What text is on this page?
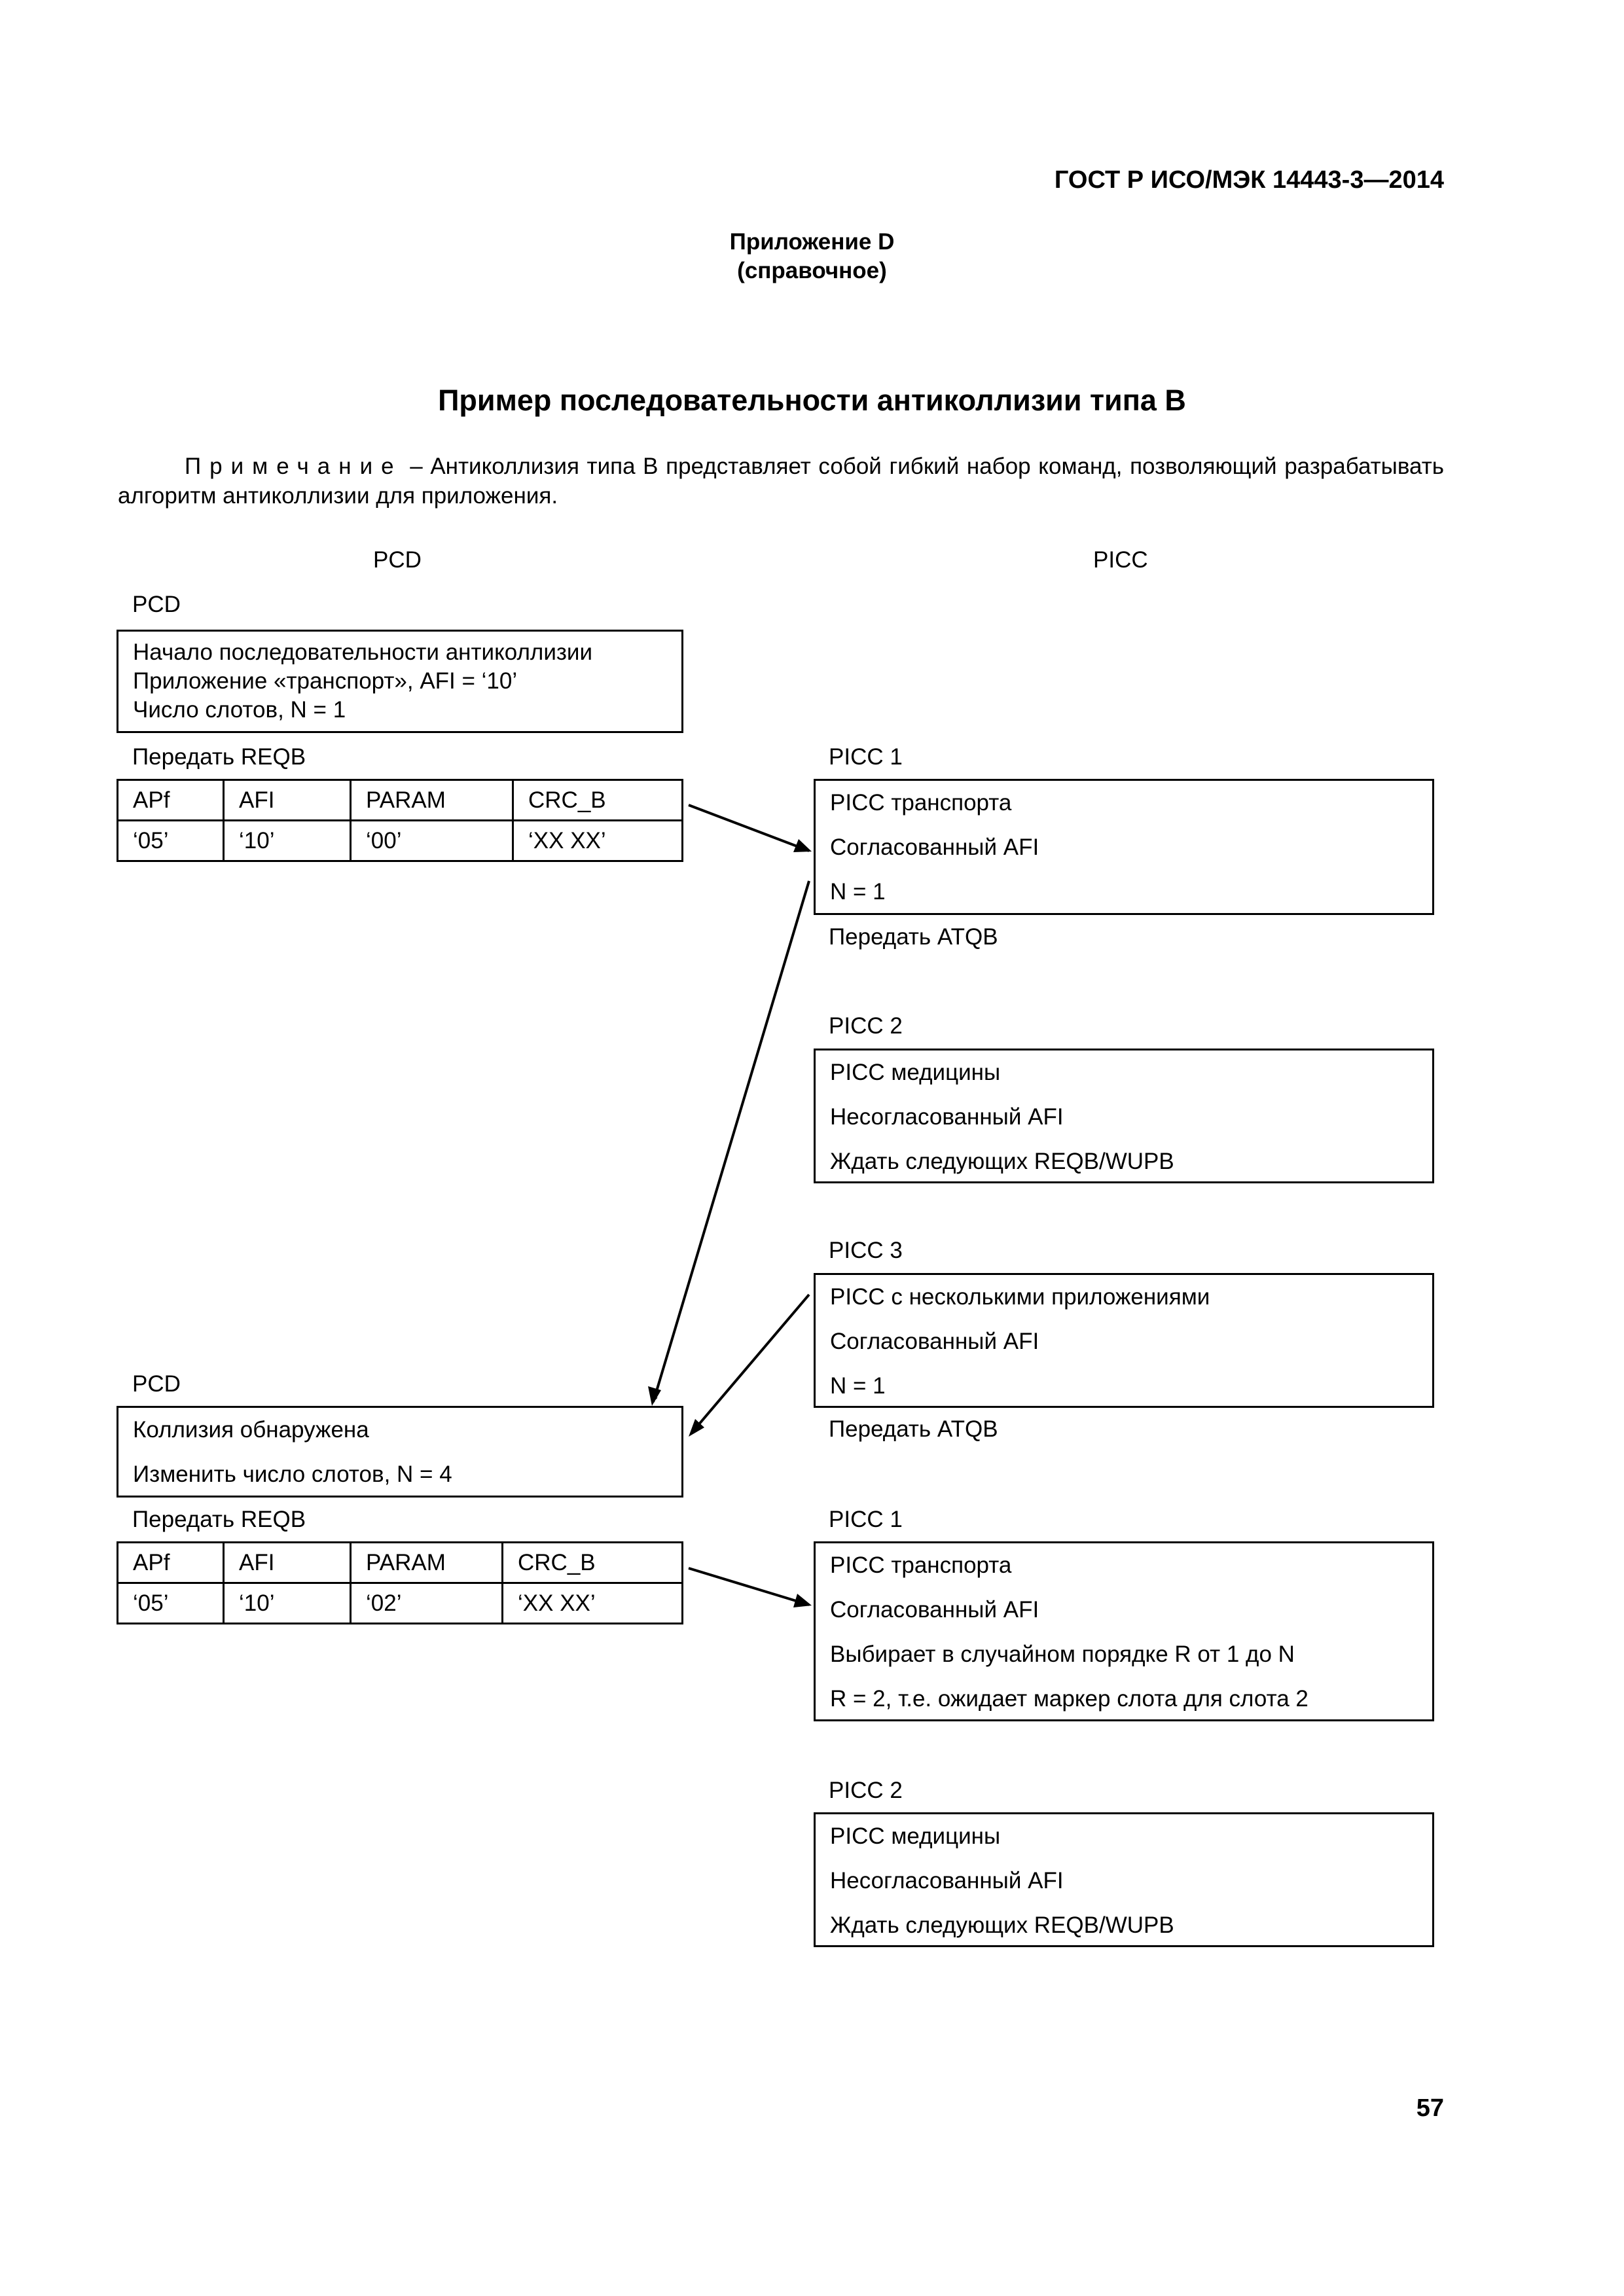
ГОСТ Р ИСО/МЭК 14443-3—2014
Приложение D
(справочное)
Пример последовательности антиколлизии типа В
Примечание – Антиколлизия типа В представляет собой гибкий набор команд, позволяющий разрабатывать алгоритм антиколлизии для приложения.
PCD	PICC
PCD
Начало последовательности антиколлизии
Приложение «транспорт», AFI = ‘10’
Число слотов, N = 1
Передать REQB
APf	AFI	PARAM	CRC_B
‘05’	‘10’	‘00’	‘XX XX’
PICC 1
PICC транспорта
Согласованный AFI
N = 1
Передать ATQB
PICC 2
PICC медицины
Несогласованный AFI
Ждать следующих REQB/WUPB
PICC 3
PICC с несколькими приложениями
Согласованный AFI
N = 1
Передать ATQB
PCD
Коллизия обнаружена
Изменить число слотов, N = 4
Передать REQB
APf	AFI	PARAM	CRC_B
‘05’	‘10’	‘02’	‘XX XX’
PICC 1
PICC транспорта
Согласованный AFI
Выбирает в случайном порядке R от 1 до N
R = 2, т.е. ожидает маркер слота для слота 2
PICC 2
PICC медицины
Несогласованный AFI
Ждать следующих REQB/WUPB
57
